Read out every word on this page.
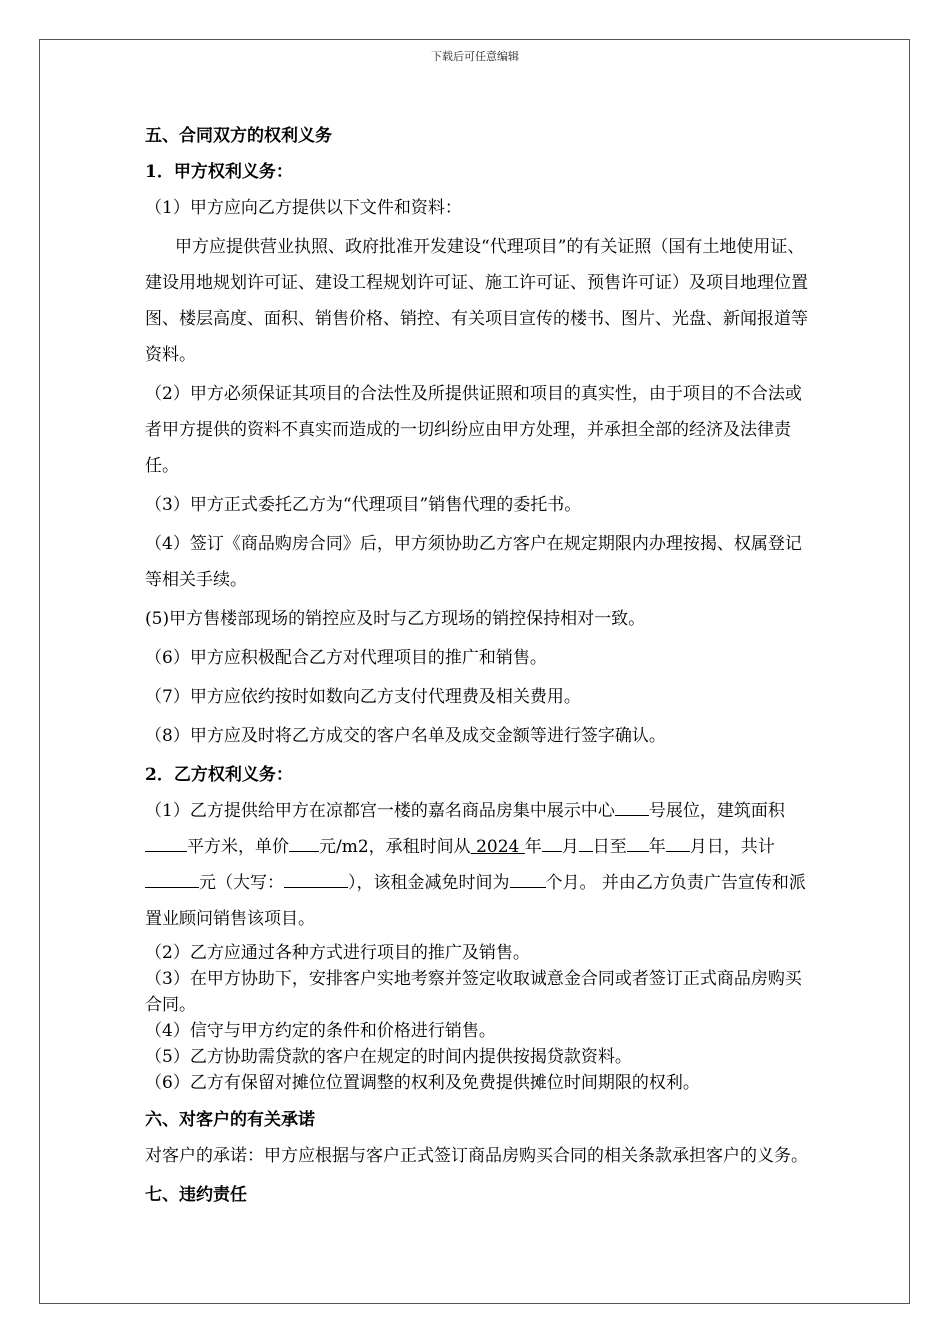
下载后可任意编辑
五、合同双方的权利义务
1．甲方权利义务：
（1）甲方应向乙方提供以下文件和资料：
甲方应提供营业执照、政府批准开发建设“代理项目”的有关证照（国有土地使用证、建设用地规划许可证、建设工程规划许可证、施工许可证、预售许可证）及项目地理位置图、楼层高度、面积、销售价格、销控、有关项目宣传的楼书、图片、光盘、新闻报道等资料。
（2）甲方必须保证其项目的合法性及所提供证照和项目的真实性，由于项目的不合法或者甲方提供的资料不真实而造成的一切纠纷应由甲方处理，并承担全部的经济及法律责任。
（3）甲方正式委托乙方为“代理项目”销售代理的委托书。
（4）签订《商品购房合同》后，甲方须协助乙方客户在规定期限内办理按揭、权属登记等相关手续。
(5)甲方售楼部现场的销控应及时与乙方现场的销控保持相对一致。
（6）甲方应积极配合乙方对代理项目的推广和销售。
（7）甲方应依约按时如数向乙方支付代理费及相关费用。
（8）甲方应及时将乙方成交的客户名单及成交金额等进行签字确认。
2．乙方权利义务：
（1）乙方提供给甲方在凉都宫一楼的嘉名商品房集中展示中心 号展位，建筑面积平方米，单价 元/m2，承租时间从 2024 年 月 日至 年 月日，共计元（大写：	），该租金减免时间为 个月。 并由乙方负责广告宣传和派置业顾问销售该项目。
（2）乙方应通过各种方式进行项目的推广及销售。
（3）在甲方协助下，安排客户实地考察并签定收取诚意金合同或者签订正式商品房购买合同。
（4）信守与甲方约定的条件和价格进行销售。
（5）乙方协助需贷款的客户在规定的时间内提供按揭贷款资料。
（6）乙方有保留对摊位位置调整的权利及免费提供摊位时间期限的权利。
六、对客户的有关承诺
对客户的承诺：甲方应根据与客户正式签订商品房购买合同的相关条款承担客户的义务。
七、违约责任
